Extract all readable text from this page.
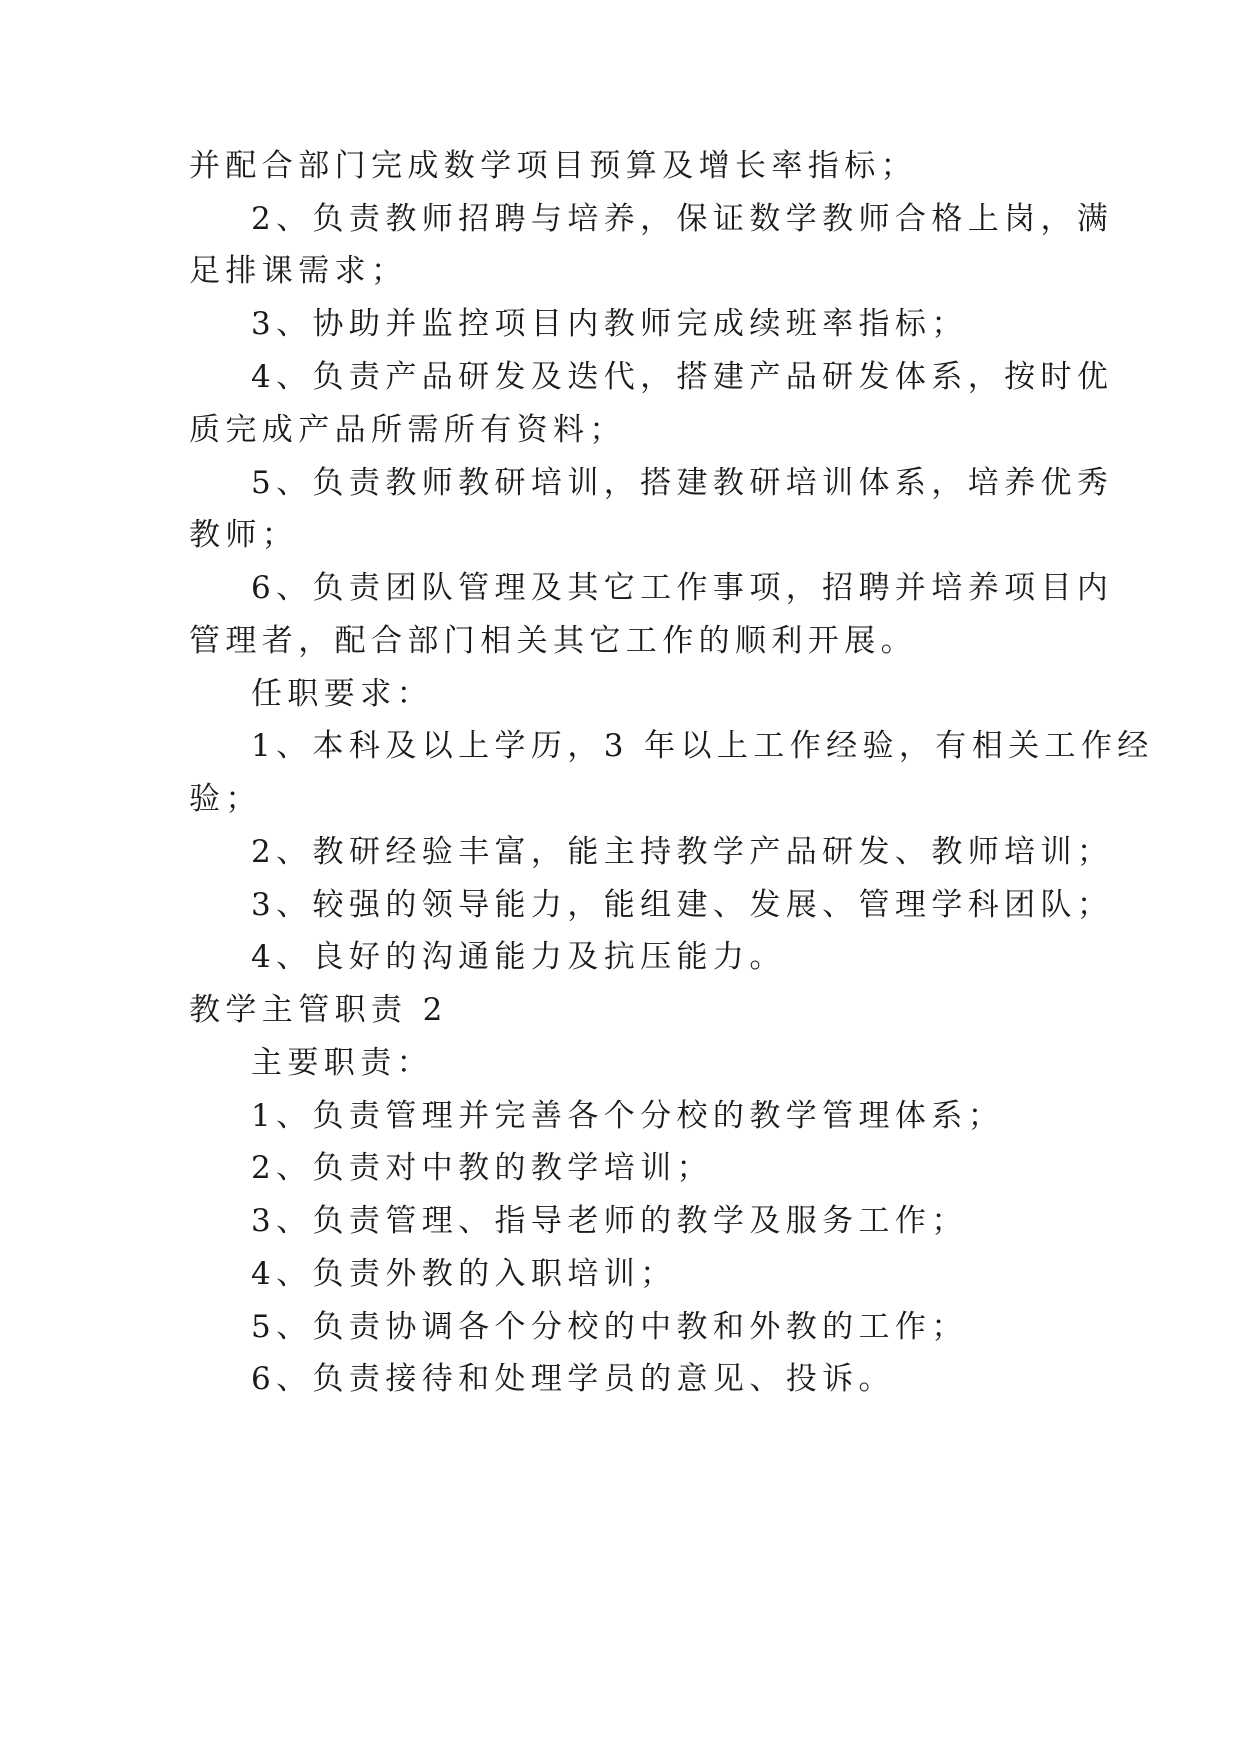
并配合部门完成数学项目预算及增长率指标；
2、负责教师招聘与培养，保证数学教师合格上岗，满
足排课需求；
3、协助并监控项目内教师完成续班率指标；
4、负责产品研发及迭代，搭建产品研发体系，按时优
质完成产品所需所有资料；
5、负责教师教研培训，搭建教研培训体系，培养优秀
教师；
6、负责团队管理及其它工作事项，招聘并培养项目内
管理者，配合部门相关其它工作的顺利开展。
任职要求：
1、本科及以上学历，3 年以上工作经验，有相关工作经
验；
2、教研经验丰富，能主持教学产品研发、教师培训；
3、较强的领导能力，能组建、发展、管理学科团队；
4、良好的沟通能力及抗压能力。
教学主管职责 2
主要职责：
1、负责管理并完善各个分校的教学管理体系；
2、负责对中教的教学培训；
3、负责管理、指导老师的教学及服务工作；
4、负责外教的入职培训；
5、负责协调各个分校的中教和外教的工作；
6、负责接待和处理学员的意见、投诉。
